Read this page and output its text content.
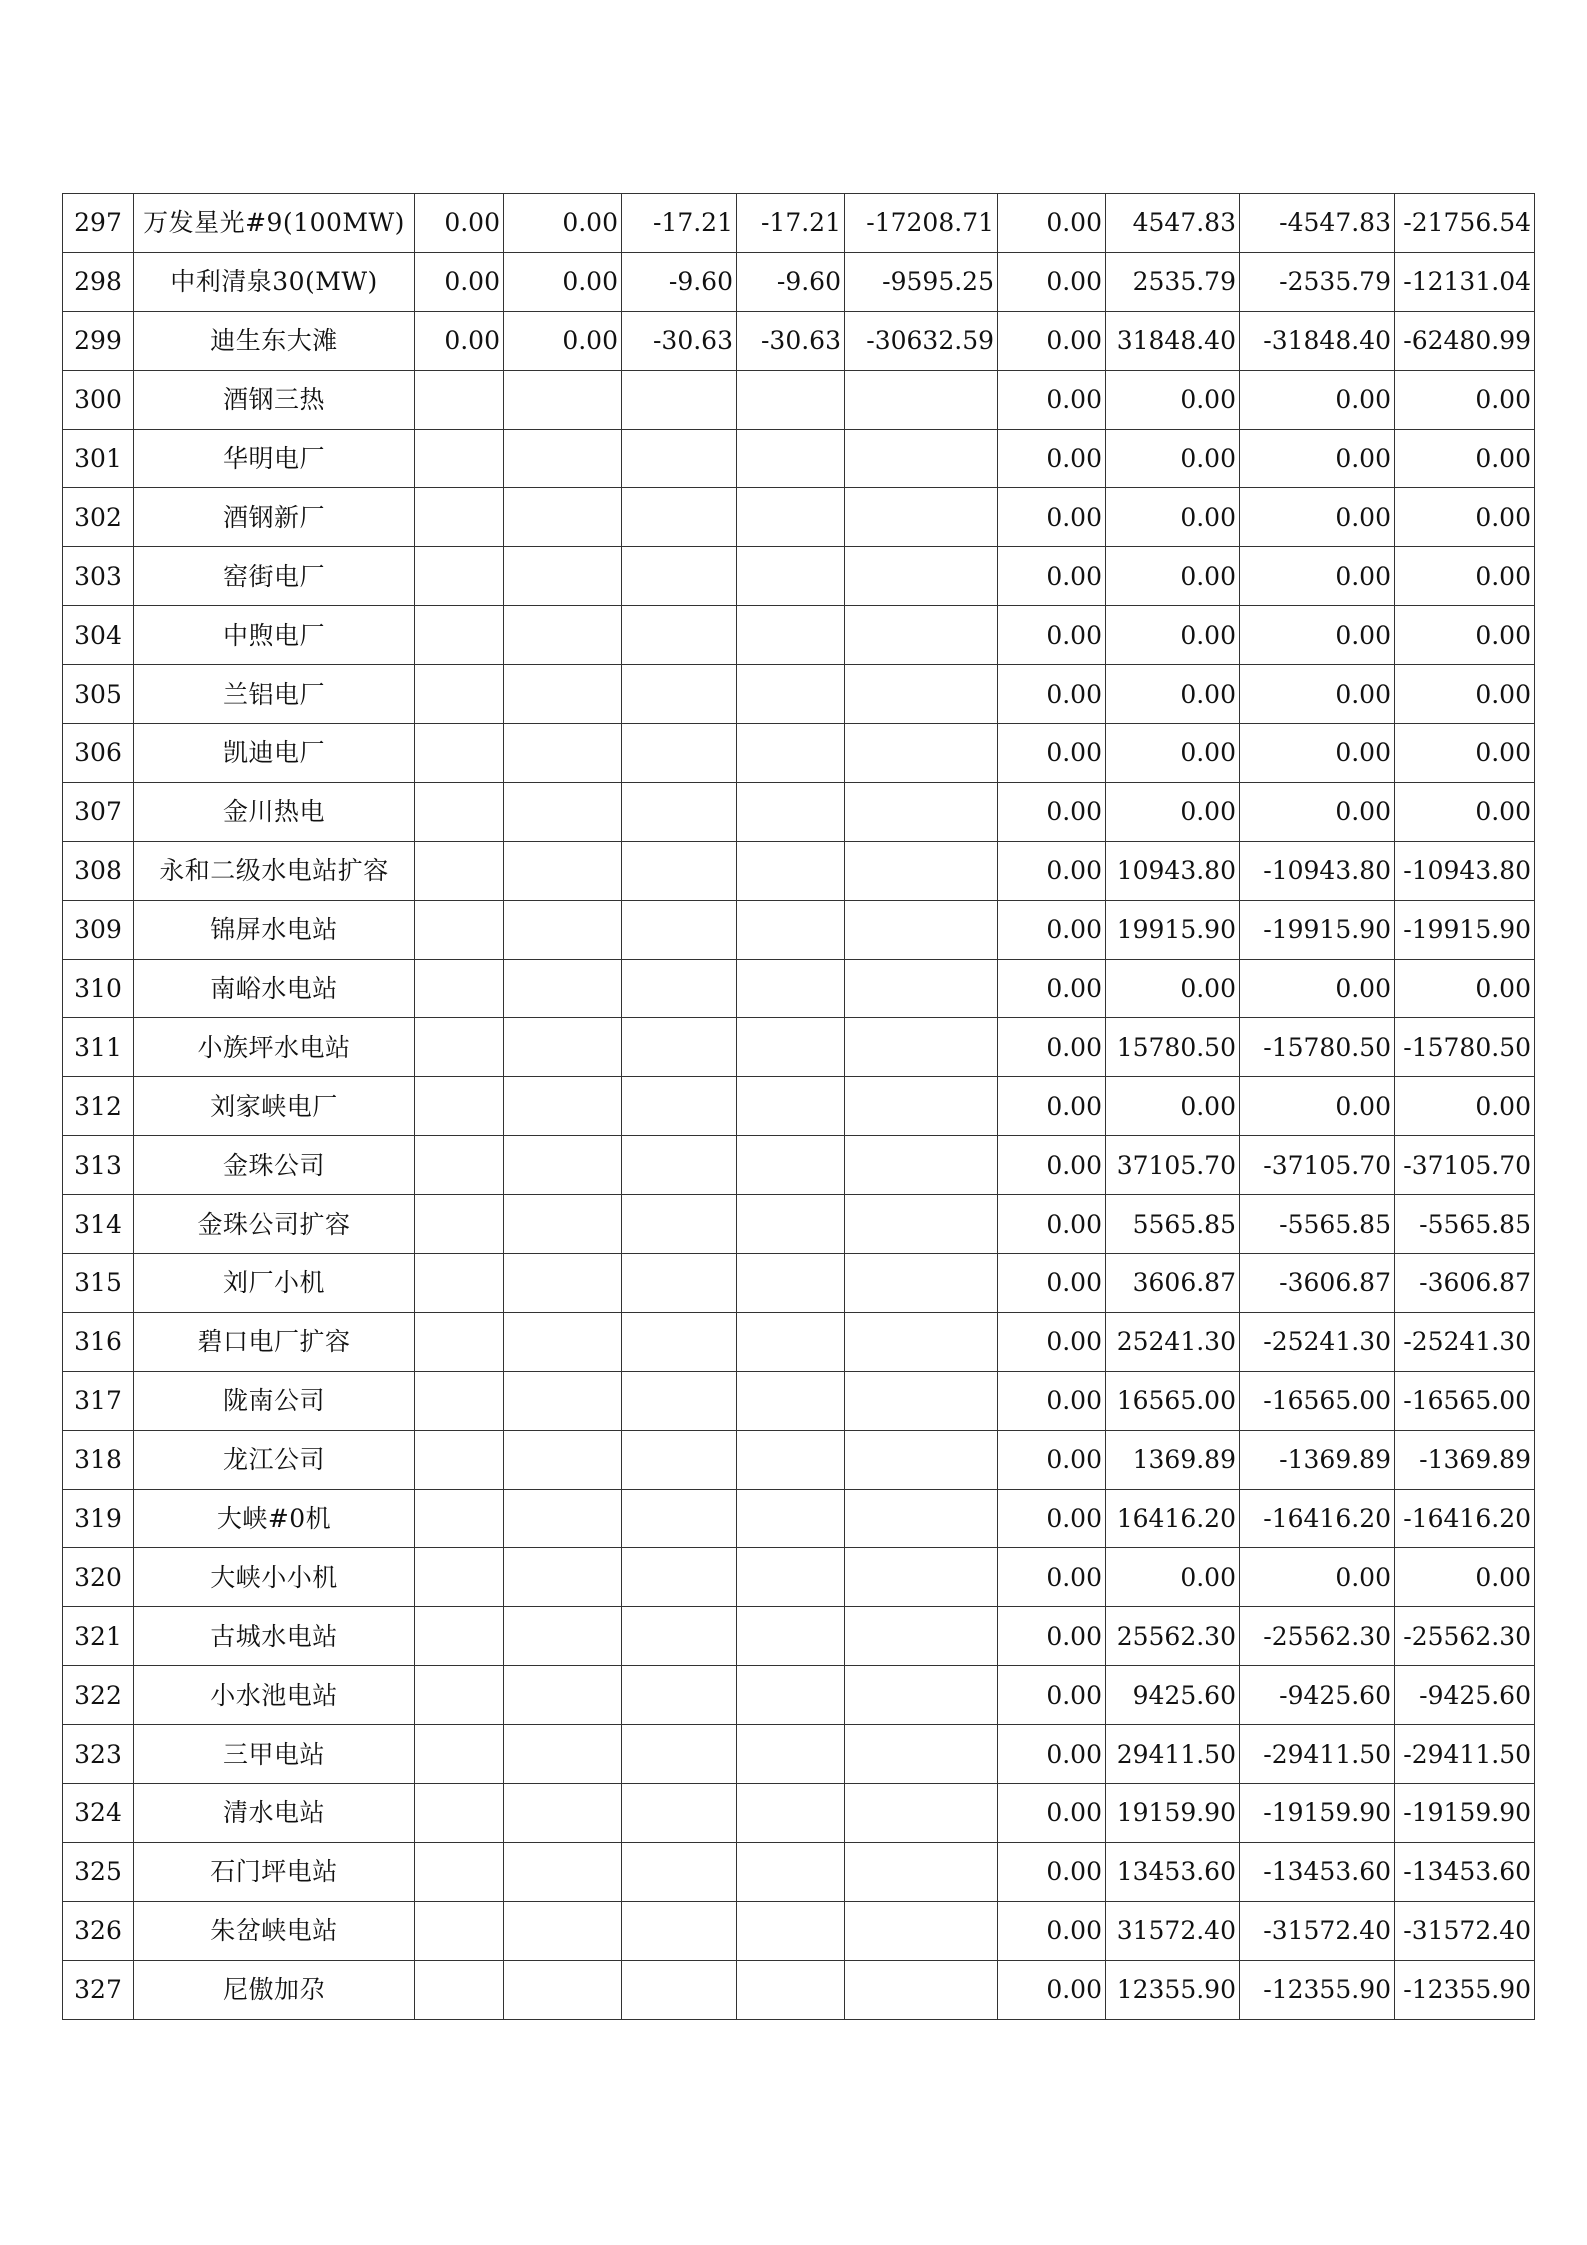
297	万发星光#9(100MW)	0.00	0.00	-17.21	-17.21	-17208.71	0.00	4547.83	-4547.83	-21756.54
298	中利清泉30(MW)	0.00	0.00	-9.60	-9.60	-9595.25	0.00	2535.79	-2535.79	-12131.04
299	迪生东大滩	0.00	0.00	-30.63	-30.63	-30632.59	0.00	31848.40	-31848.40	-62480.99
300	酒钢三热						0.00	0.00	0.00	0.00
301	华明电厂						0.00	0.00	0.00	0.00
302	酒钢新厂						0.00	0.00	0.00	0.00
303	窑街电厂						0.00	0.00	0.00	0.00
304	中煦电厂						0.00	0.00	0.00	0.00
305	兰铝电厂						0.00	0.00	0.00	0.00
306	凯迪电厂						0.00	0.00	0.00	0.00
307	金川热电						0.00	0.00	0.00	0.00
308	永和二级水电站扩容						0.00	10943.80	-10943.80	-10943.80
309	锦屏水电站						0.00	19915.90	-19915.90	-19915.90
310	南峪水电站						0.00	0.00	0.00	0.00
311	小族坪水电站						0.00	15780.50	-15780.50	-15780.50
312	刘家峡电厂						0.00	0.00	0.00	0.00
313	金珠公司						0.00	37105.70	-37105.70	-37105.70
314	金珠公司扩容						0.00	5565.85	-5565.85	-5565.85
315	刘厂小机						0.00	3606.87	-3606.87	-3606.87
316	碧口电厂扩容						0.00	25241.30	-25241.30	-25241.30
317	陇南公司						0.00	16565.00	-16565.00	-16565.00
318	龙江公司						0.00	1369.89	-1369.89	-1369.89
319	大峡#0机						0.00	16416.20	-16416.20	-16416.20
320	大峡小小机						0.00	0.00	0.00	0.00
321	古城水电站						0.00	25562.30	-25562.30	-25562.30
322	小水池电站						0.00	9425.60	-9425.60	-9425.60
323	三甲电站						0.00	29411.50	-29411.50	-29411.50
324	清水电站						0.00	19159.90	-19159.90	-19159.90
325	石门坪电站						0.00	13453.60	-13453.60	-13453.60
326	朱岔峡电站						0.00	31572.40	-31572.40	-31572.40
327	尼傲加尕						0.00	12355.90	-12355.90	-12355.90
